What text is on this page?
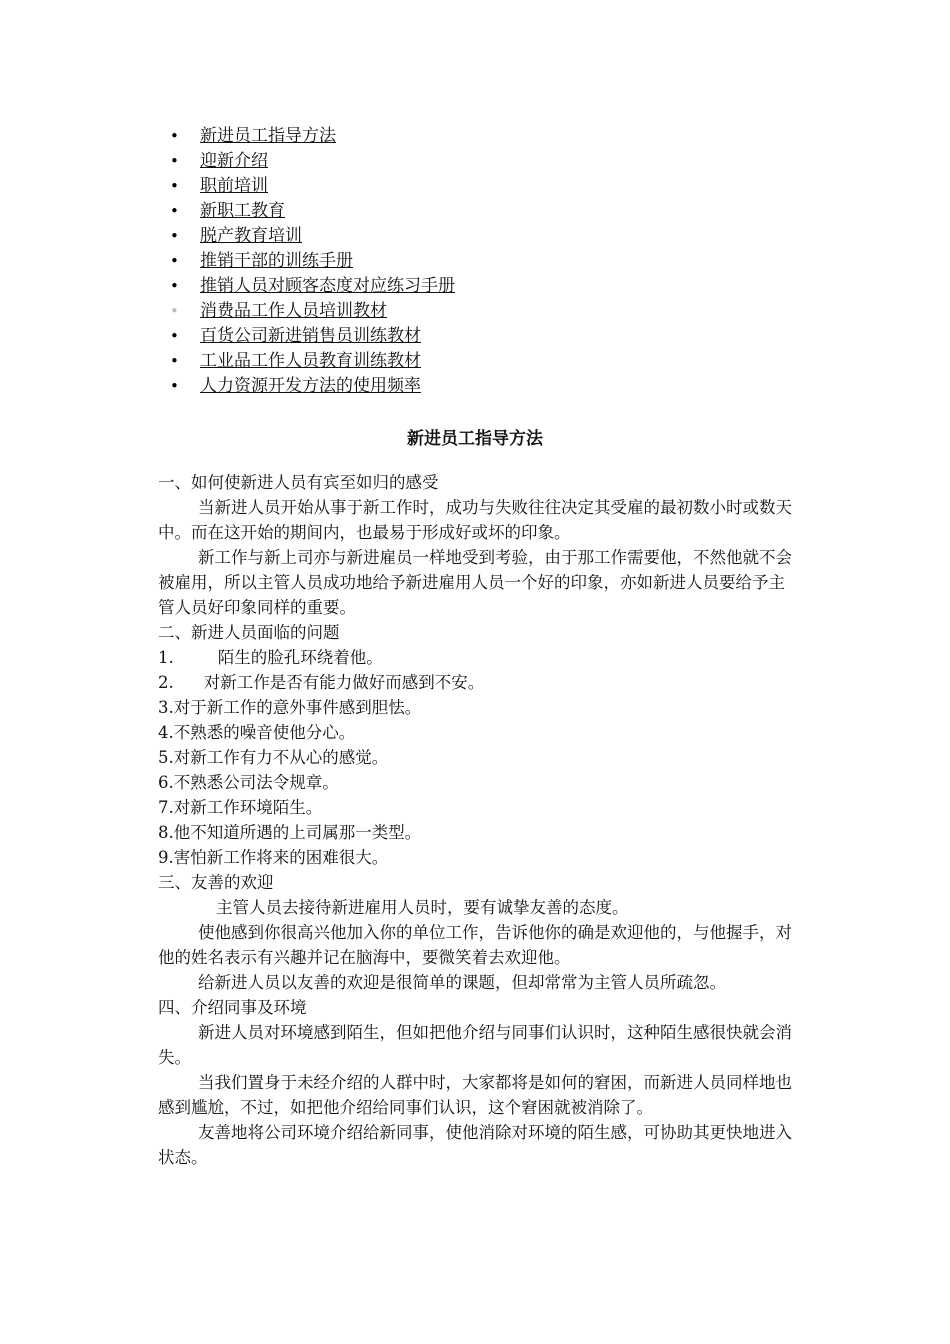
• 新进员工指导方法
• 迎新介绍
• 职前培训
• 新职工教育
• 脱产教育培训
• 推销干部的训练手册
• 推销人员对顾客态度对应练习手册
• 消费品工作人员培训教材
• 百货公司新进销售员训练教材
• 工业品工作人员教育训练教材
• 人力资源开发方法的使用频率
新进员工指导方法

一、如何使新进人员有宾至如归的感受

当新进人员开始从事于新工作时，成功与失败往往决定其受雇的最初数小时或数天中。而在这开始的期间内，也最易于形成好或坏的印象。

新工作与新上司亦与新进雇员一样地受到考验，由于那工作需要他，不然他就不会被雇用，所以主管人员成功地给予新进雇用人员一个好的印象，亦如新进人员要给予主管人员好印象同样的重要。

二、新进人员面临的问题

1.	陌生的脸孔环绕着他。

2. 对新工作是否有能力做好而感到不安。

3.对于新工作的意外事件感到胆怯。

4.不熟悉的噪音使他分心。

5.对新工作有力不从心的感觉。

6.不熟悉公司法令规章。

7.对新工作环境陌生。

8.他不知道所遇的上司属那一类型。

9.害怕新工作将来的困难很大。

三、友善的欢迎

主管人员去接待新进雇用人员时，要有诚挚友善的态度。

使他感到你很高兴他加入你的单位工作，告诉他你的确是欢迎他的，与他握手，对他的姓名表示有兴趣并记在脑海中，要微笑着去欢迎他。

给新进人员以友善的欢迎是很简单的课题，但却常常为主管人员所疏忽。

四、介绍同事及环境

新进人员对环境感到陌生，但如把他介绍与同事们认识时，这种陌生感很快就会消失。

当我们置身于未经介绍的人群中时，大家都将是如何的窘困，而新进人员同样地也感到尴尬，不过，如把他介绍给同事们认识，这个窘困就被消除了。

友善地将公司环境介绍给新同事，使他消除对环境的陌生感，可协助其更快地进入状态。
